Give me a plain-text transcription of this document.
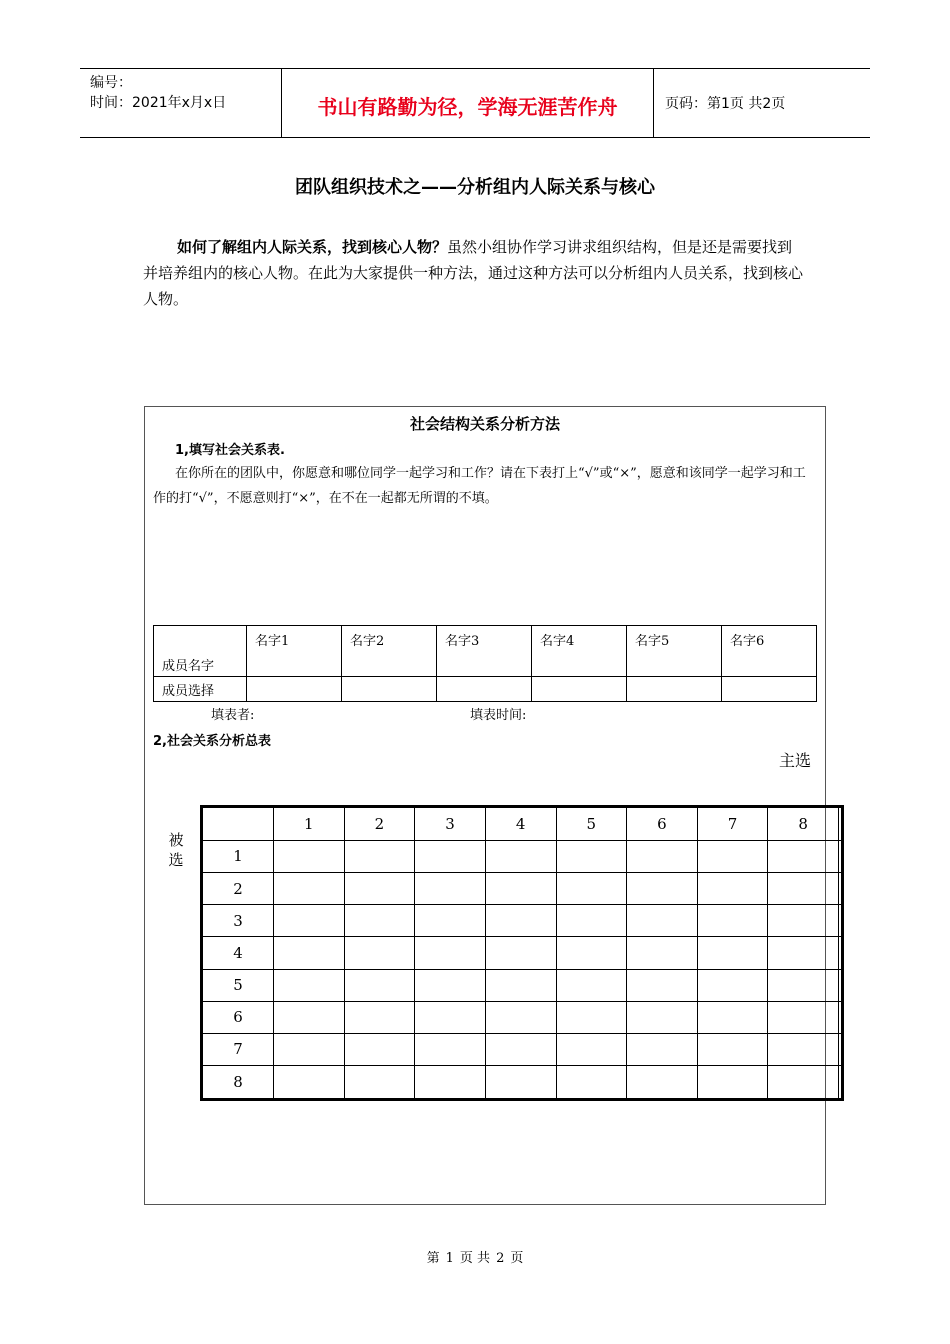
编号：
时间：2021年x月x日	书山有路勤为径，学海无涯苦作舟	页码：第1页 共2页
团队组织技术之——分析组内人际关系与核心
如何了解组内人际关系，找到核心人物？虽然小组协作学习讲求组织结构，但是还是需要找到并培养组内的核心人物。在此为大家提供一种方法，通过这种方法可以分析组内人员关系，找到核心人物。
社会结构关系分析方法
1,填写社会关系表.
在你所在的团队中，你愿意和哪位同学一起学习和工作？请在下表打上“√”或“×”，愿意和该同学一起学习和工作的打“√”，不愿意则打“×”，在不在一起都无所谓的不填。
成员名字	名字1	名字2	名字3	名字4	名字5	名字6
成员选择						
填表者:	填表时间:
2,社会关系分析总表
主选
被选
	1	2	3	4	5	6	7	8	
1									
2									
3									
4									
5									
6									
7									
8									
第 1 页 共 2 页
